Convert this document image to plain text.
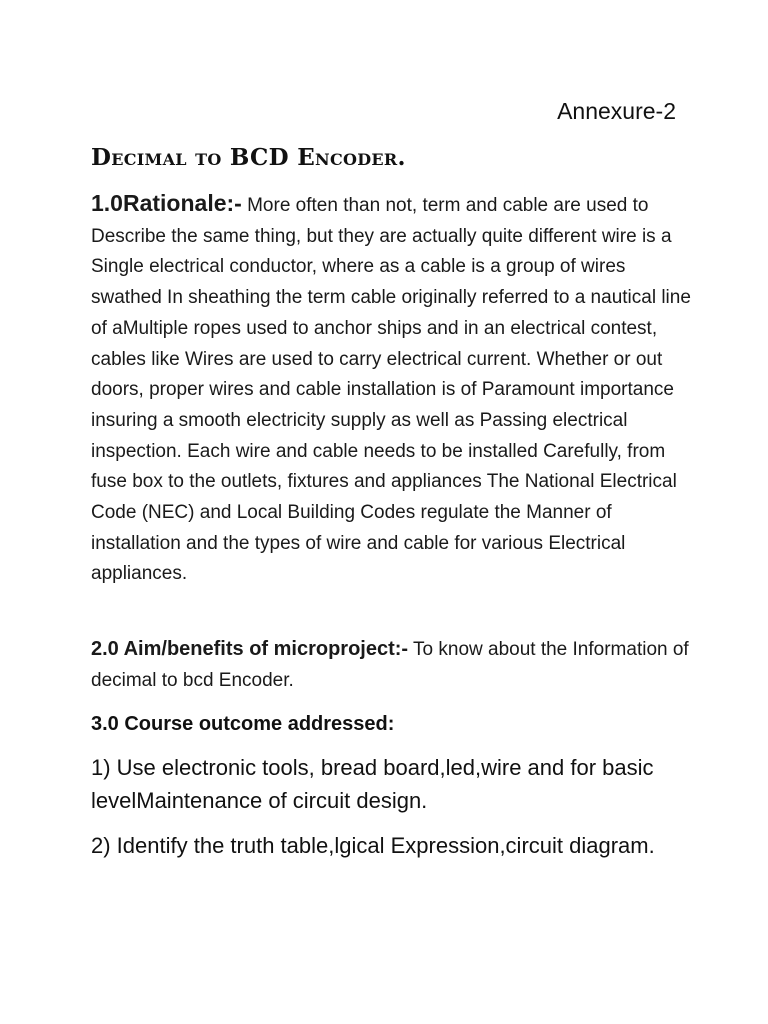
Annexure-2
Decimal to BCD Encoder.

1.0Rationale:- More often than not, term and cable are used to Describe the same thing, but they are actually quite different wire is a Single electrical conductor, where as a cable is a group of wires swathed In sheathing the term cable originally referred to a nautical line of aMultiple ropes used to anchor ships and in an electrical contest, cables like Wires are used to carry electrical current. Whether or out doors, proper wires and cable installation is of Paramount importance insuring a smooth electricity supply as well as Passing electrical inspection. Each wire and cable needs to be installed Carefully, from fuse box to the outlets, fixtures and appliances The National Electrical Code (NEC) and Local Building Codes regulate the Manner of installation and the types of wire and cable for various Electrical appliances.

2.0 Aim/benefits of microproject:- To know about the Information of decimal to bcd Encoder.

3.0 Course outcome addressed:

1) Use electronic tools, bread board,led,wire and for basic levelMaintenance of circuit design.

2) Identify the truth table,lgical Expression,circuit diagram.
